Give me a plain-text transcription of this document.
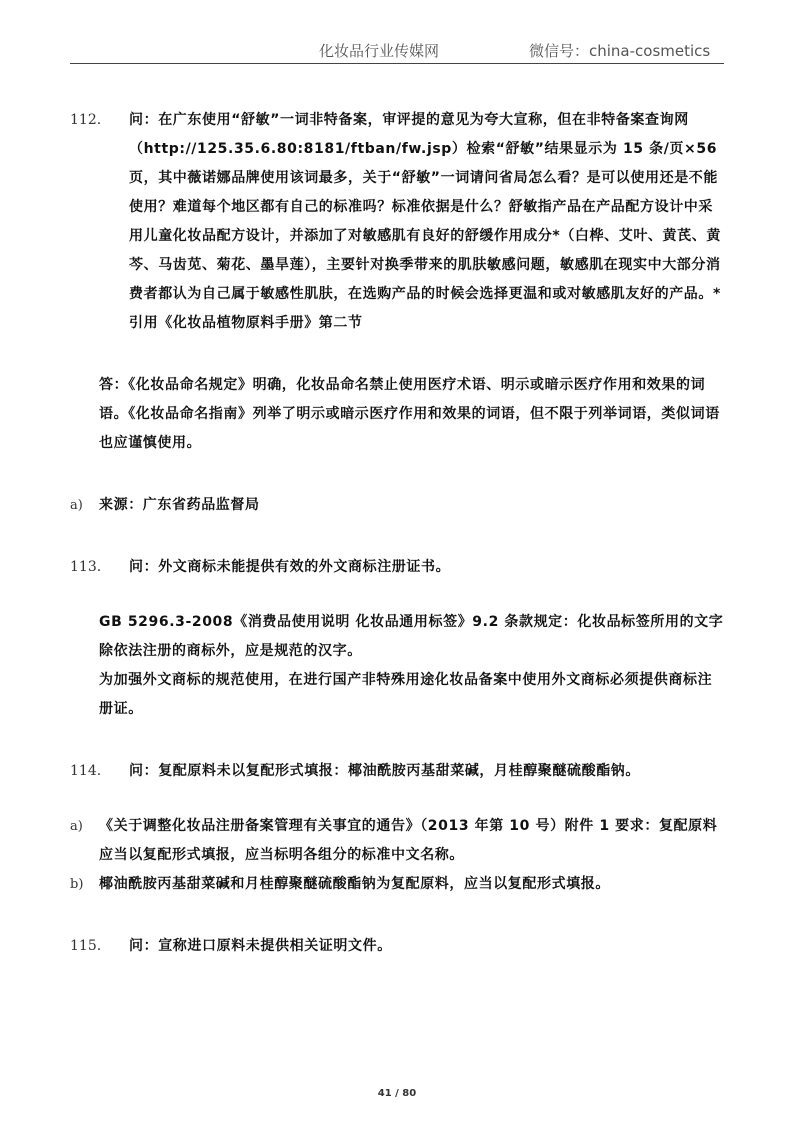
化妆品行业传媒网	微信号：china-cosmetics
112.	问：在广东使用“舒敏”一词非特备案，审评提的意见为夸大宣称，但在非特备案查询网（http://125.35.6.80:8181/ftban/fw.jsp）检索“舒敏”结果显示为 15 条/页×56 页，其中薇诺娜品牌使用该词最多，关于“舒敏”一词请问省局怎么看？是可以使用还是不能使用？难道每个地区都有自己的标准吗？标准依据是什么？舒敏指产品在产品配方设计中采用儿童化妆品配方设计，并添加了对敏感肌有良好的舒缓作用成分*（白桦、艾叶、黄芪、黄芩、马齿苋、菊花、墨旱莲），主要针对换季带来的肌肤敏感问题，敏感肌在现实中大部分消费者都认为自己属于敏感性肌肤，在选购产品的时候会选择更温和或对敏感肌友好的产品。*引用《化妆品植物原料手册》第二节
答：《化妆品命名规定》明确，化妆品命名禁止使用医疗术语、明示或暗示医疗作用和效果的词语。《化妆品命名指南》列举了明示或暗示医疗作用和效果的词语，但不限于列举词语，类似词语也应谨慎使用。
a)	来源：广东省药品监督局
113.	问：外文商标未能提供有效的外文商标注册证书。
GB 5296.3-2008《消费品使用说明 化妆品通用标签》9.2 条款规定：化妆品标签所用的文字除依法注册的商标外，应是规范的汉字。
为加强外文商标的规范使用，在进行国产非特殊用途化妆品备案中使用外文商标必须提供商标注册证。
114.	问：复配原料未以复配形式填报：椰油酰胺丙基甜菜碱，月桂醇聚醚硫酸酯钠。
a)	《关于调整化妆品注册备案管理有关事宜的通告》（2013 年第 10 号）附件 1 要求：复配原料应当以复配形式填报，应当标明各组分的标准中文名称。
b)	椰油酰胺丙基甜菜碱和月桂醇聚醚硫酸酯钠为复配原料，应当以复配形式填报。
115.	问：宣称进口原料未提供相关证明文件。
41 / 80
